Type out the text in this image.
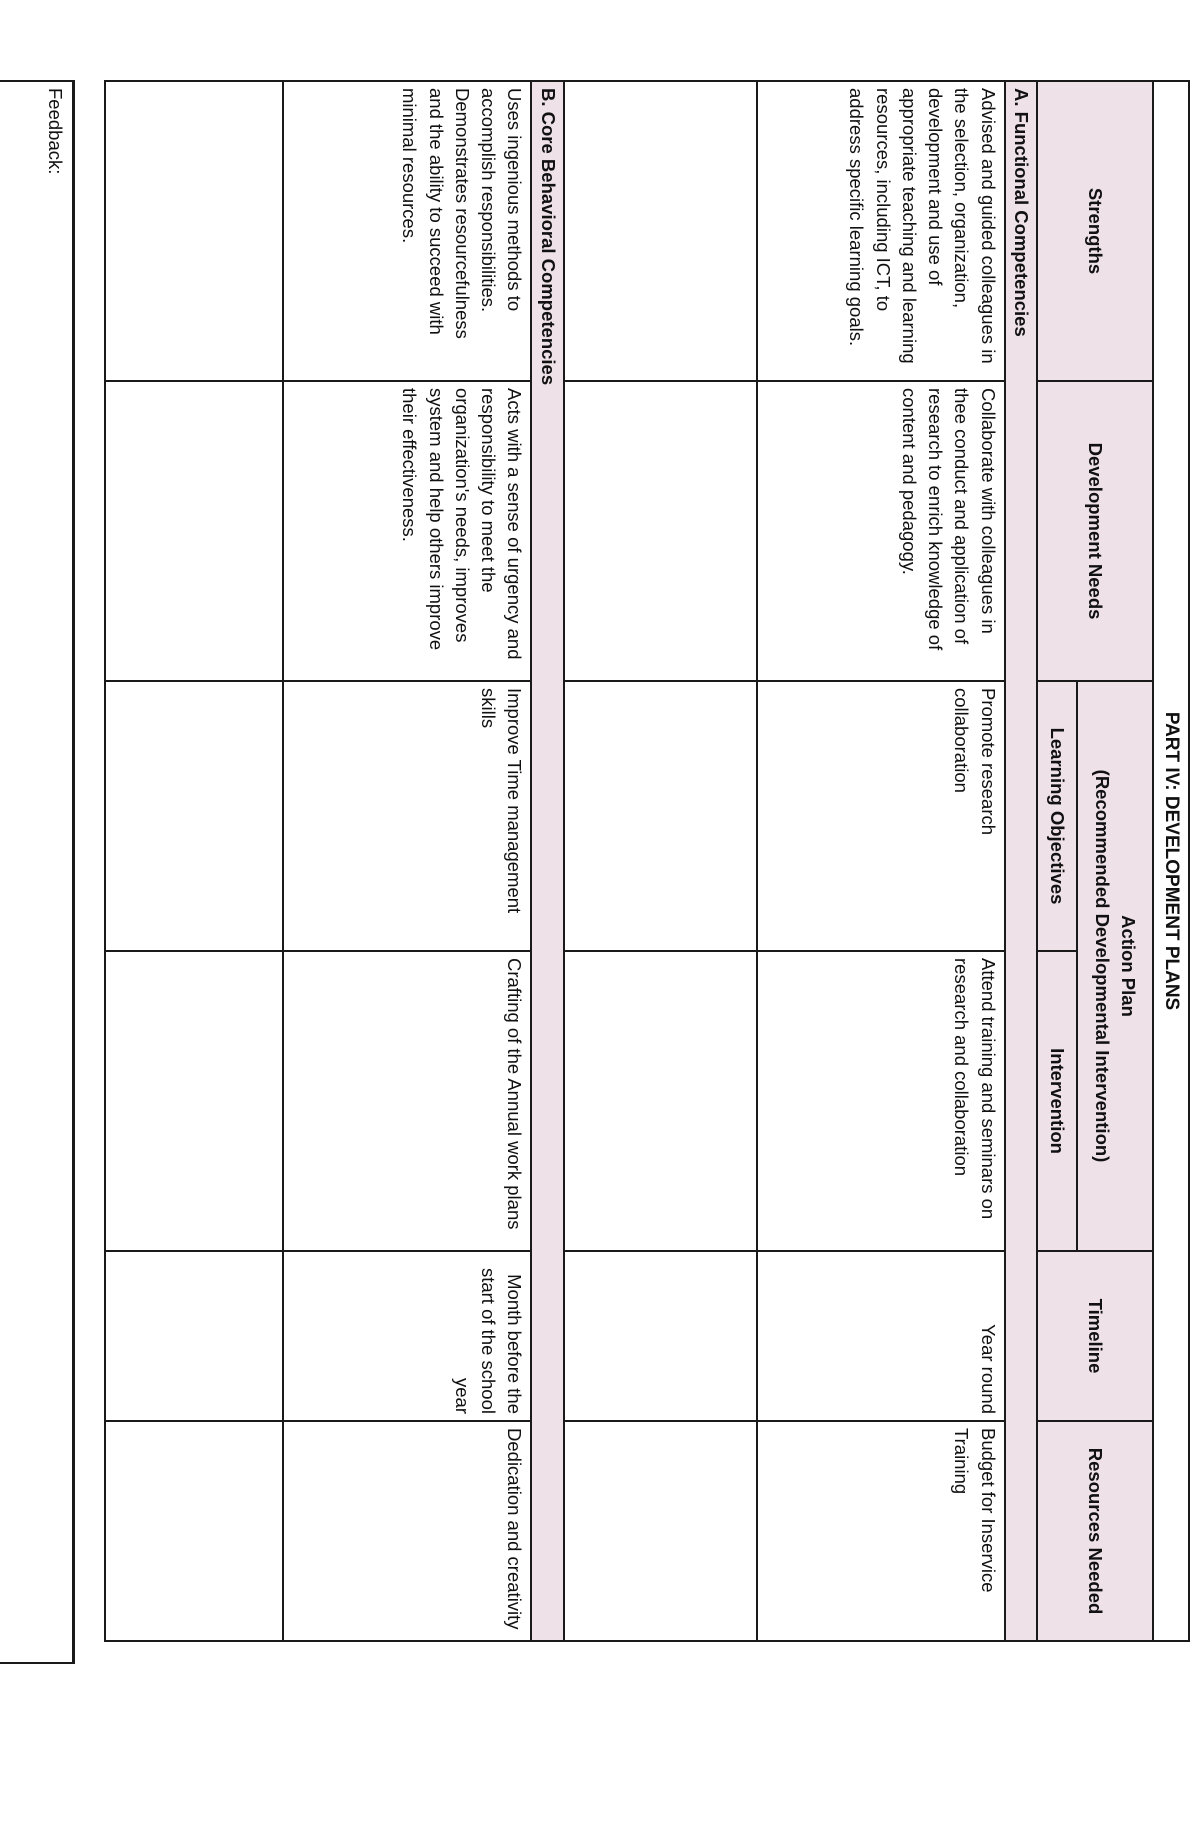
PART IV: DEVELOPMENT PLANS					
Strengths	Development Needs	Action Plan
(Recommended Developmental Intervention)		Timeline	Resources Needed
		Learning Objectives	Intervention		
A. Functional Competencies					
Advised and guided colleagues in the selection, organization, development and use of appropriate teaching and learning resources, including ICT, to address specific learning goals.	Collaborate with colleagues in thee conduct and application of research to enrich knowledge of content and pedagogy.	Promote research collaboration	Attend training and seminars on research and collaboration	Year round	Budget for Inservice Training

B. Core Behavioral Competencies					
Uses ingenious methods to accomplish responsibilities. Demonstrates resourcefulness and the ability to succeed with minimal resources.	Acts with a sense of urgency and responsibility to meet the organization's needs, improves system and help others improve their effectiveness.	Improve Time management skills	Crafting of the Annual work plans	Month before the start of the school year	Dedication and creativity

Feedback:
